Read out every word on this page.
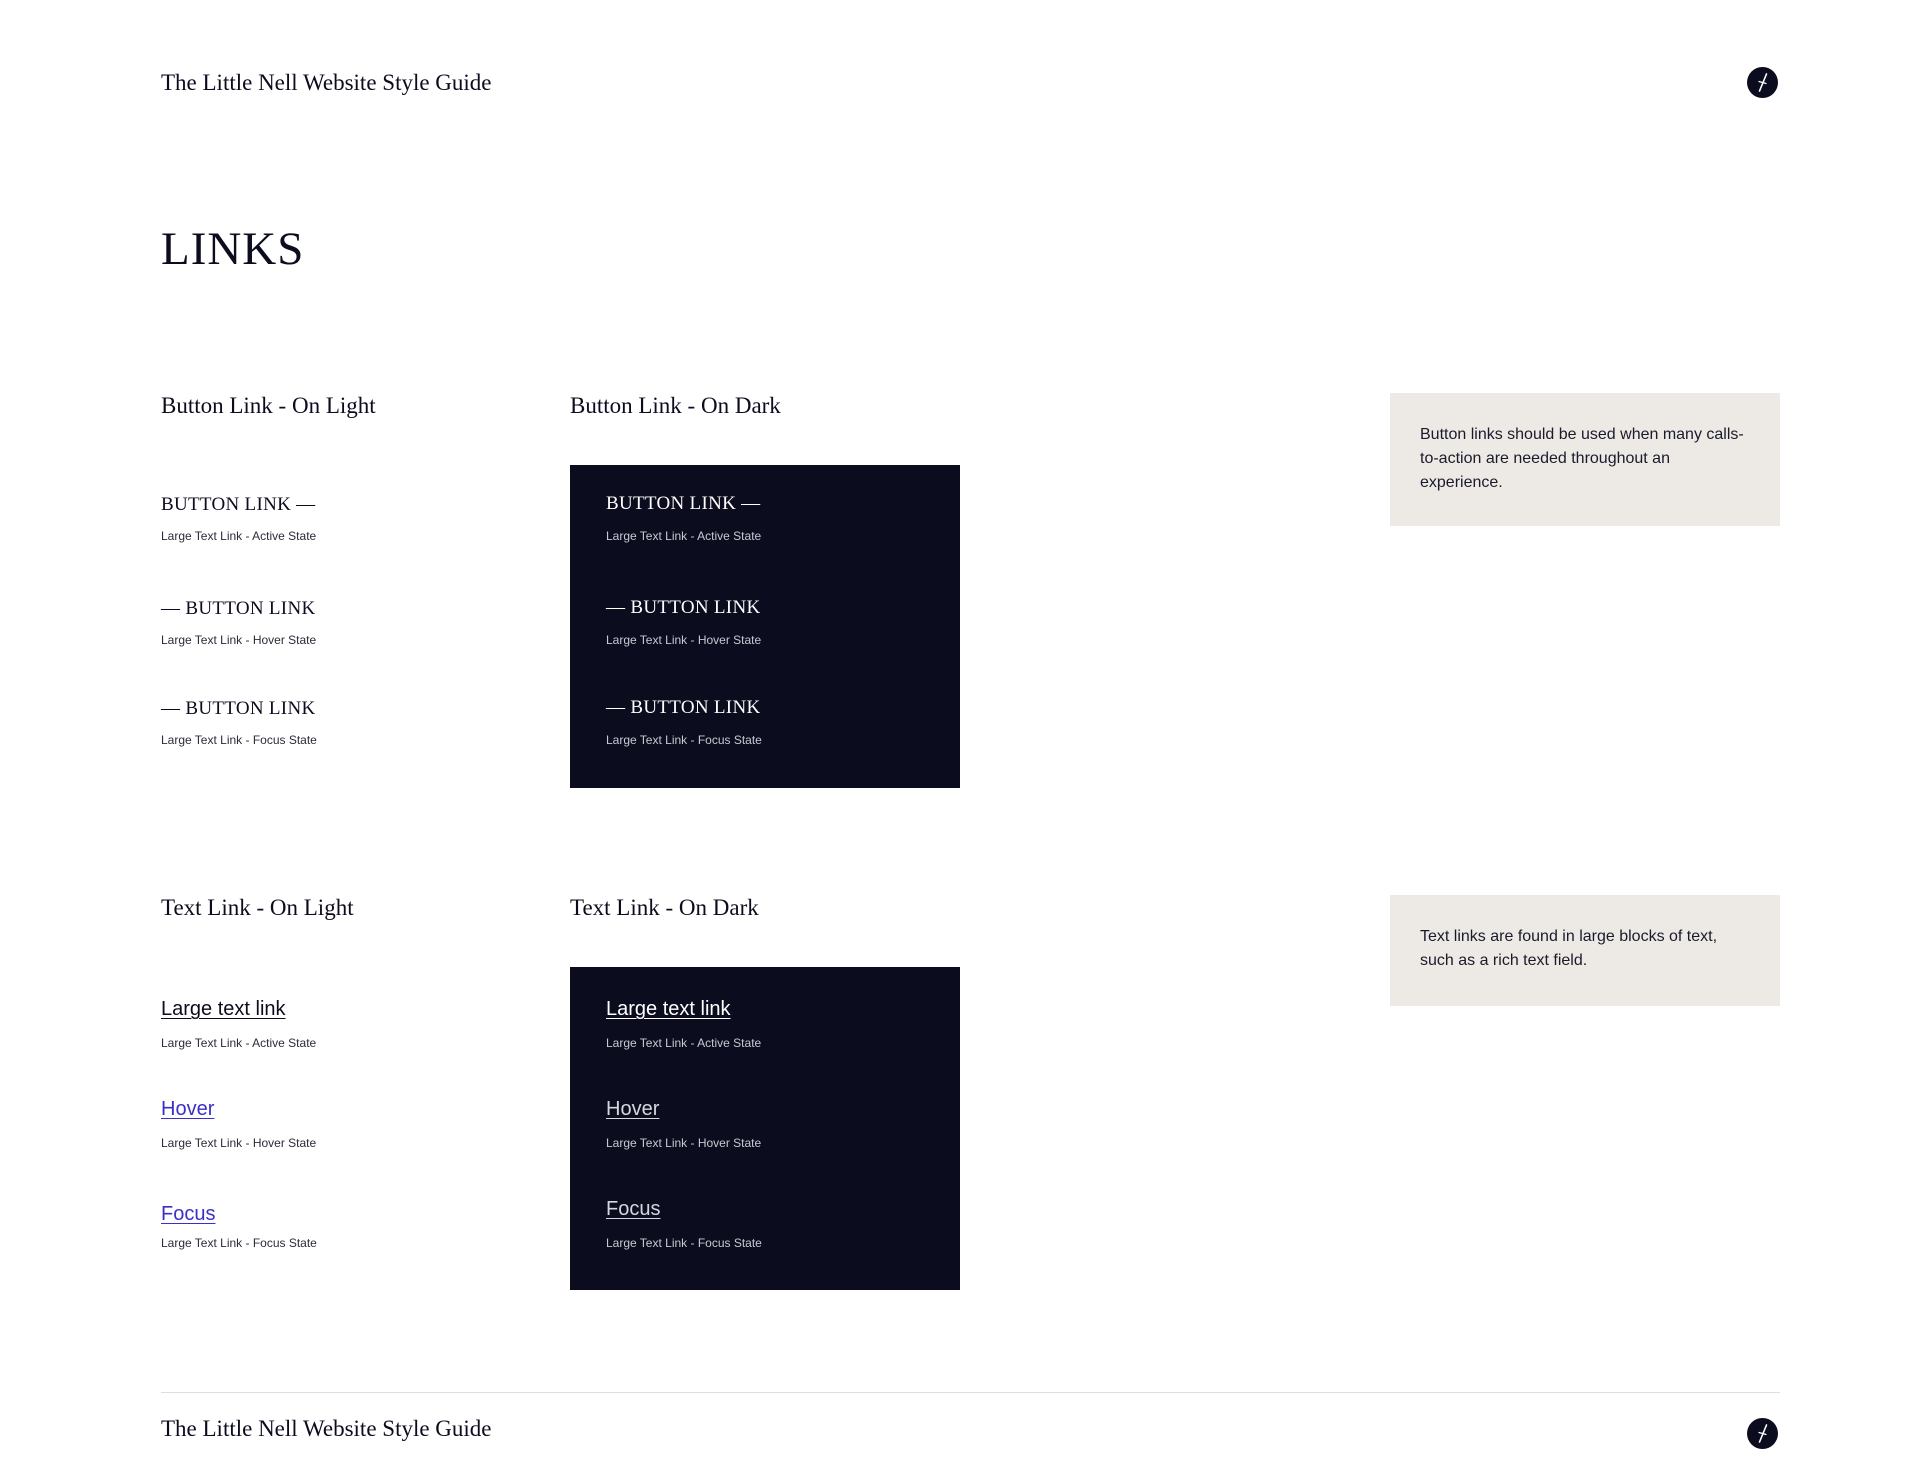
The Little Nell Website Style Guide
LINKS
Button Link - On Light	Button Link - On Dark
BUTTON LINK —
Large Text Link - Active State
— BUTTON LINK
Large Text Link - Hover State
— BUTTON LINK
Large Text Link - Focus State
BUTTON LINK —
Large Text Link - Active State
— BUTTON LINK
Large Text Link - Hover State
— BUTTON LINK
Large Text Link - Focus State
Button links should be used when many calls-to-action are needed throughout an experience.
Text Link - On Light	Text Link - On Dark
Large text link
Large Text Link - Active State
Hover
Large Text Link - Hover State
Focus
Large Text Link - Focus State
Large text link
Large Text Link - Active State
Hover
Large Text Link - Hover State
Focus
Large Text Link - Focus State
Text links are found in large blocks of text, such as a rich text field.
The Little Nell Website Style Guide
